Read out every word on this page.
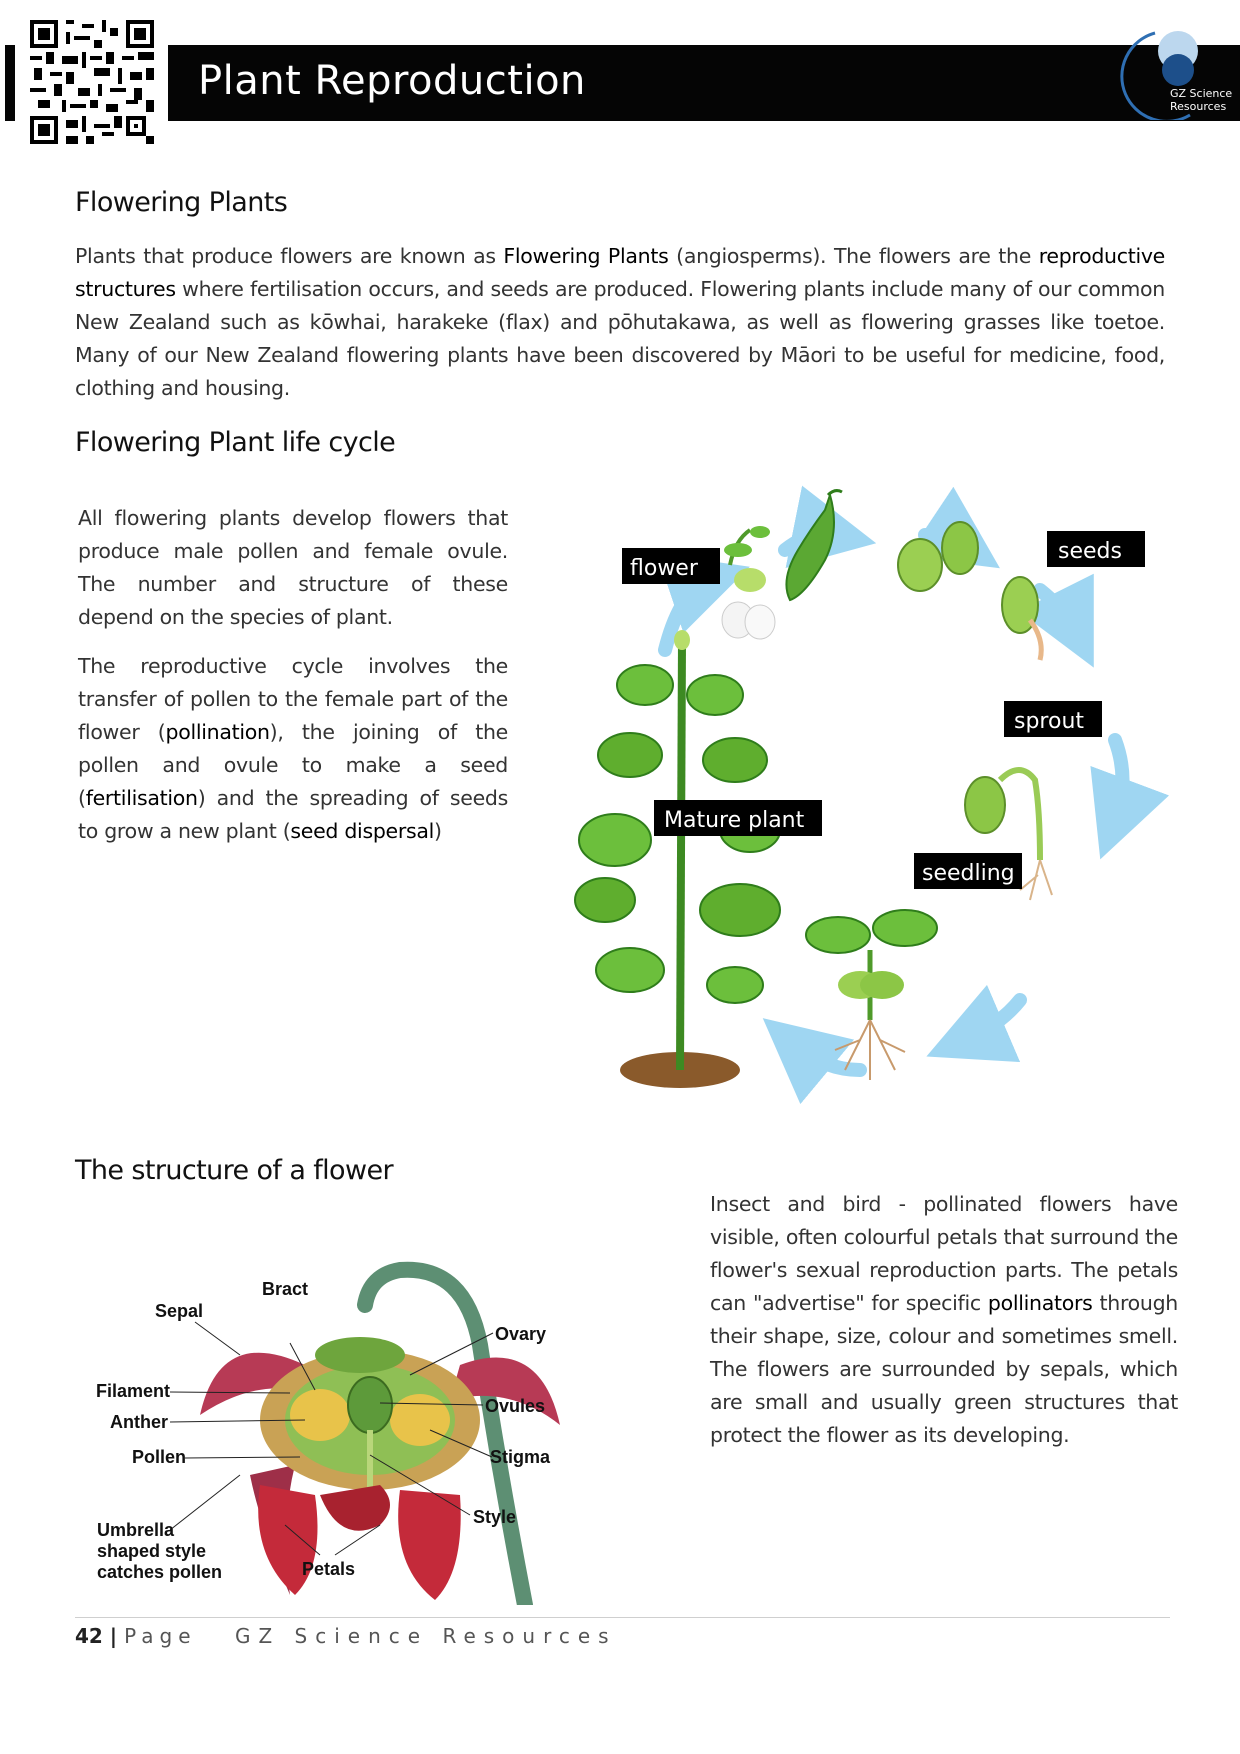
Plant Reproduction	GZ Science
Resources
Flowering Plants
Plants that produce flowers are known as Flowering Plants (angiosperms). The flowers are the reproductive structures where fertilisation occurs, and seeds are produced. Flowering plants include many of our common New Zealand such as kōwhai, harakeke (flax) and pōhutakawa, as well as flowering grasses like toetoe. Many of our New Zealand flowering plants have been discovered by Māori to be useful for medicine, food, clothing and housing.
Flowering Plant life cycle

All flowering plants develop flowers that produce male pollen and female ovule. The number and structure of these depend on the species of plant.

The reproductive cycle involves the transfer of pollen to the female part of the flower (pollination), the joining of the pollen and ovule to make a seed (fertilisation) and the spreading of seeds to grow a new plant (seed dispersal)

flower
seeds
sprout
Mature plant
seedling
The structure of a flower
Insect and bird - pollinated flowers have visible, often colourful petals that surround the flower's sexual reproduction parts. The petals can "advertise" for specific pollinators through their shape, size, colour and sometimes smell. The flowers are surrounded by sepals, which are small and usually green structures that protect the flower as its developing.
Bract
Sepal
Ovary
Filament
Ovules
Anther
Pollen	Stigma
Style
Umbrella
shaped style
catches pollen	Petals
42 | Page GZ Science Resources
